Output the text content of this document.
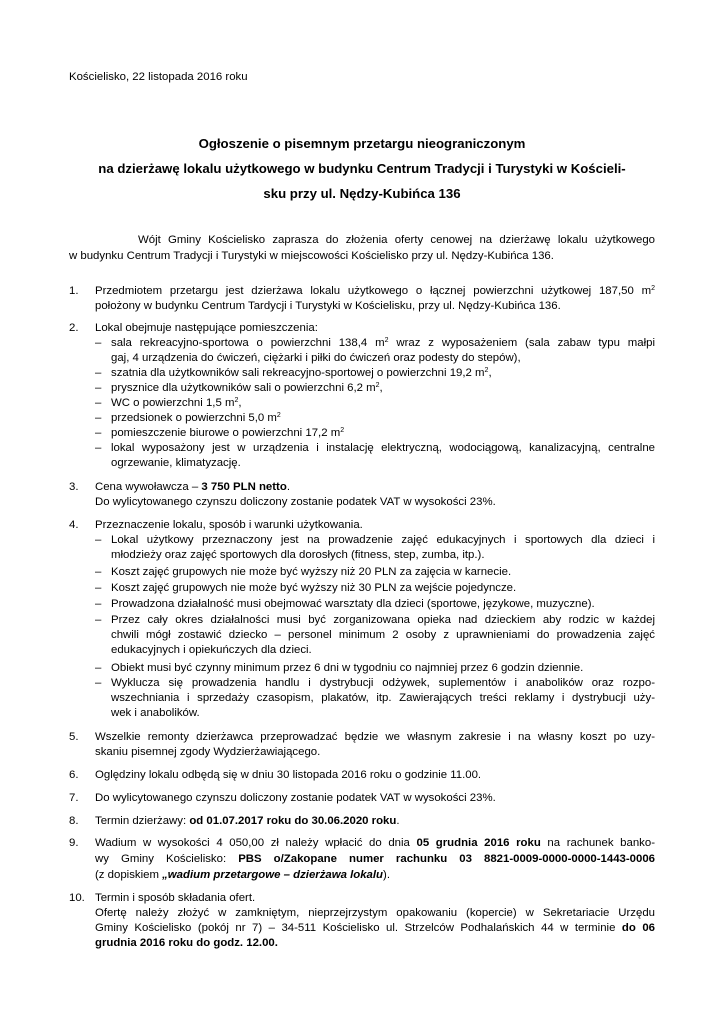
Kościelisko, 22 listopada 2016 roku
Ogłoszenie o pisemnym przetargu nieograniczonym
na dzierżawę lokalu użytkowego w budynku Centrum Tradycji i Turystyki w Kościeli-
sku przy ul. Nędzy-Kubińca 136
Wójt Gminy Kościelisko zaprasza do złożenia oferty cenowej na dzierżawę lokalu użytkowego
w budynku Centrum Tradycji i Turystyki w miejscowości Kościelisko przy ul. Nędzy-Kubińca 136.
1. Przedmiotem przetargu jest dzierżawa lokalu użytkowego o łącznej powierzchni użytkowej 187,50 $m^2$
położony w budynku Centrum Tardycji i Turystyki w Kościelisku, przy ul. Nędzy-Kubińca 136.
2. Lokal obejmuje następujące pomieszczenia:
– sala rekreacyjno-sportowa o powierzchni 138,4 $m^2$ wraz z wyposażeniem (sala zabaw typu małpi
gaj, 4 urządzenia do ćwiczeń, ciężarki i piłki do ćwiczeń oraz podesty do stepów),
– szatnia dla użytkowników sali rekreacyjno-sportowej o powierzchni 19,2 $m^2$,
– prysznice dla użytkowników sali o powierzchni 6,2 $m^2$,
– WC o powierzchni 1,5 $m^2$,
– przedsionek o powierzchni 5,0 $m^2$
– pomieszczenie biurowe o powierzchni 17,2 $m^2$
– lokal wyposażony jest w urządzenia i instalację elektryczną, wodociągową, kanalizacyjną, centralne
ogrzewanie, klimatyzację.
3. Cena wywoławcza – 3 750 PLN netto.
Do wylicytowanego czynszu doliczony zostanie podatek VAT w wysokości 23%.
4. Przeznaczenie lokalu, sposób i warunki użytkowania.
– Lokal użytkowy przeznaczony jest na prowadzenie zajęć edukacyjnych i sportowych dla dzieci i
młodzieży oraz zajęć sportowych dla dorosłych (fitness, step, zumba, itp.).
– Koszt zajęć grupowych nie może być wyższy niż 20 PLN za zajęcia w karnecie.
– Koszt zajęć grupowych nie może być wyższy niż 30 PLN za wejście pojedyncze.
– Prowadzona działalność musi obejmować warsztaty dla dzieci (sportowe, językowe, muzyczne).
– Przez cały okres działalności musi być zorganizowana opieka nad dzieckiem aby rodzic w każdej
chwili mógł zostawić dziecko – personel minimum 2 osoby z uprawnieniami do prowadzenia zajęć
edukacyjnych i opiekuńczych dla dzieci.
– Obiekt musi być czynny minimum przez 6 dni w tygodniu co najmniej przez 6 godzin dziennie.
– Wyklucza się prowadzenia handlu i dystrybucji odżywek, suplementów i anabolików oraz rozpo-
wszechniania i sprzedaży czasopism, plakatów, itp. Zawierających treści reklamy i dystrybucji uży-
wek i anabolików.
5. Wszelkie remonty dzierżawca przeprowadzać będzie we własnym zakresie i na własny koszt po uzy-
skaniu pisemnej zgody Wydzierżawiającego.
6. Oględziny lokalu odbędą się w dniu 30 listopada 2016 roku o godzinie 11.00.
7. Do wylicytowanego czynszu doliczony zostanie podatek VAT w wysokości 23%.
8. Termin dzierżawy: od 01.07.2017 roku do 30.06.2020 roku.
9. Wadium w wysokości 4 050,00 zł należy wpłacić do dnia 05 grudnia 2016 roku na rachunek banko-
wy Gminy Kościelisko: PBS o/Zakopane numer rachunku 03 8821-0009-0000-0000-1443-0006
(z dopiskiem „wadium przetargowe – dzierżawa lokalu).
10. Termin i sposób składania ofert.
Ofertę należy złożyć w zamkniętym, nieprzejrzystym opakowaniu (kopercie) w Sekretariacie Urzędu
Gminy Kościelisko (pokój nr 7) – 34-511 Kościelisko ul. Strzelców Podhalańskich 44 w terminie do 06
grudnia 2016 roku do godz. 12.00.
